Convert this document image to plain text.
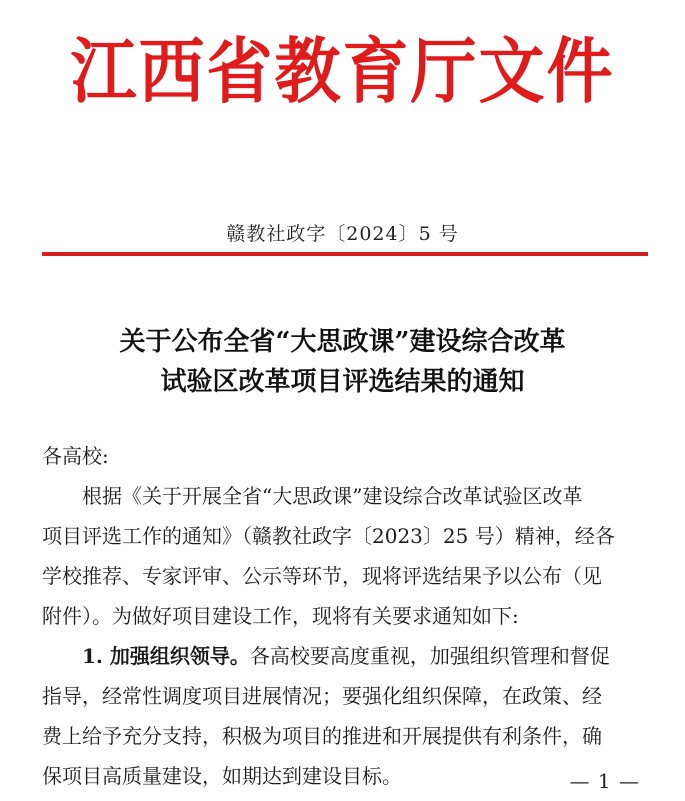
江西省教育厅文件
赣教社政字〔2024〕5 号
关于公布全省“大思政课”建设综合改革
试验区改革项目评选结果的通知
各高校:
根据《关于开展全省“大思政课”建设综合改革试验区改革
项目评选工作的通知》（赣教社政字〔2023〕25 号）精神，经各
学校推荐、专家评审、公示等环节，现将评选结果予以公布（见
附件）。为做好项目建设工作，现将有关要求通知如下:
1. 加强组织领导。各高校要高度重视，加强组织管理和督促
指导，经常性调度项目进展情况；要强化组织保障，在政策、经
费上给予充分支持，积极为项目的推进和开展提供有利条件，确
保项目高质量建设，如期达到建设目标。	— 1 —
